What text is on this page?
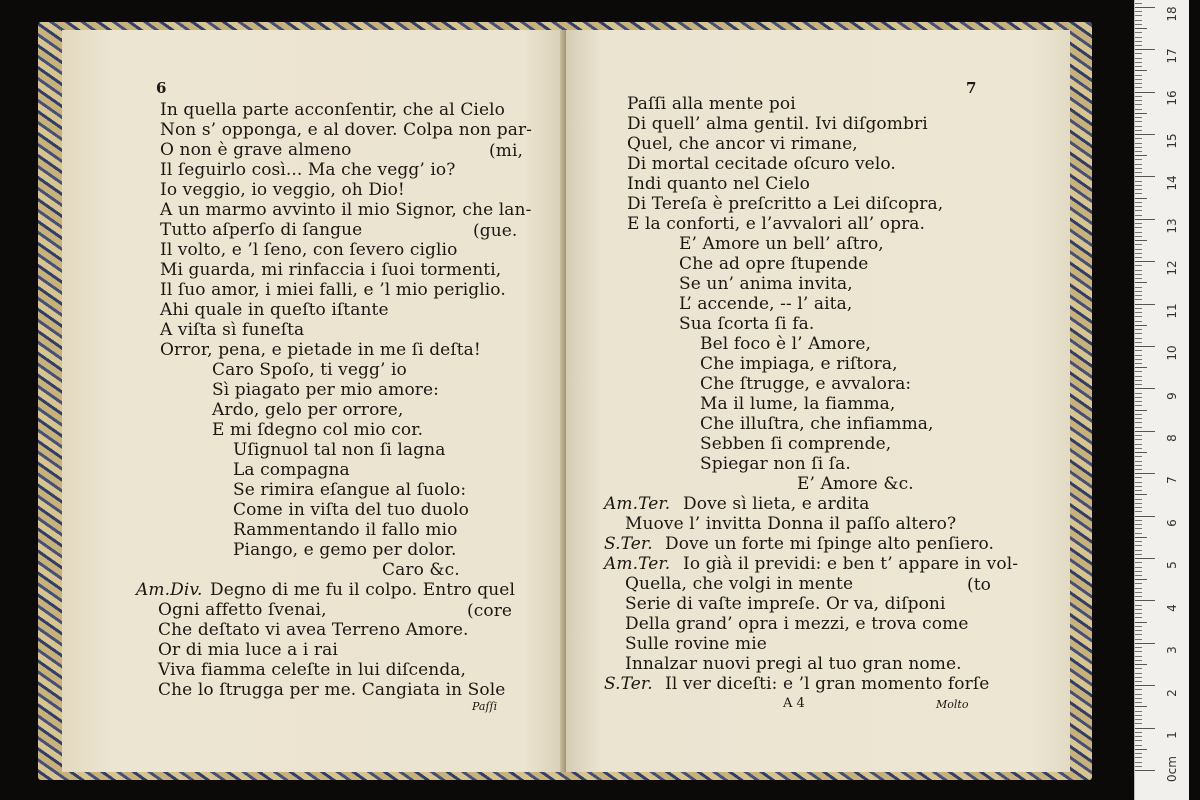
6
In quella parte acconſentir, che al Cielo
Non s’ opponga, e al dover. Colpa non par-
O non è grave almeno	(mi,
Il ſeguirlo così... Ma che vegg’ io?
Io veggio, io veggio, oh Dio!
A un marmo avvinto il mio Signor, che lan-
Tutto aſperſo di ſangue	(gue.
Il volto, e ’l ſeno, con ſevero ciglio
Mi guarda, mi rinfaccia i ſuoi tormenti,
Il ſuo amor, i miei falli, e ’l mio periglio.
Ahi quale in queſto iſtante
A viſta sì funeſta
Orror, pena, e pietade in me ſi deſta!
Caro Spoſo, ti vegg’ io
Sì piagato per mio amore:
Ardo, gelo per orrore,
E mi ſdegno col mio cor.
Uſignuol tal non ſi lagna
La compagna
Se rimira eſangue al ſuolo:
Come in viſta del tuo duolo
Rammentando il fallo mio
Piango, e gemo per dolor.
Caro &c.
Am.Div. Degno di me fu il colpo. Entro quel
Ogni affetto ſvenai,	(core
Che deſtato vi avea Terreno Amore.
Or di mia luce a i rai
Viva fiamma celeſte in lui diſcenda,
Che lo ſtrugga per me. Cangiata in Sole
Paſſi
7
Paſſi alla mente poi
Di quell’ alma gentil. Ivi diſgombri
Quel, che ancor vi rimane,
Di mortal cecitade oſcuro velo.
Indi quanto nel Cielo
Di Tereſa è preſcritto a Lei diſcopra,
E la conforti, e l’avvalori all’ opra.
E’ Amore un bell’ aſtro,
Che ad opre ſtupende
Se un’ anima invita,
L’ accende, -- l’ aita,
Sua ſcorta ſi fa.
Bel foco è l’ Amore,
Che impiaga, e riſtora,
Che ſtrugge, e avvalora:
Ma il lume, la fiamma,
Che illuſtra, che infiamma,
Sebben ſi comprende,
Spiegar non ſi ſa.
E’ Amore &c.
Am.Ter. Dove sì lieta, e ardita
Muove l’ invitta Donna il paſſo altero?
S.Ter. Dove un forte mi ſpinge alto penſiero.
Am.Ter. Io già il previdi: e ben t’ appare in vol-
Quella, che volgi in mente	(to
Serie di vaſte impreſe. Or va, diſponi
Della grand’ opra i mezzi, e trova come
Sulle rovine mie
Innalzar nuovi pregi al tuo gran nome.
S.Ter. Il ver diceſti: e ’l gran momento forſe
A 4	Molto
0cm
1
2
3
4
5
6
7
8
9
10
11
12
13
14
15
16
17
18
